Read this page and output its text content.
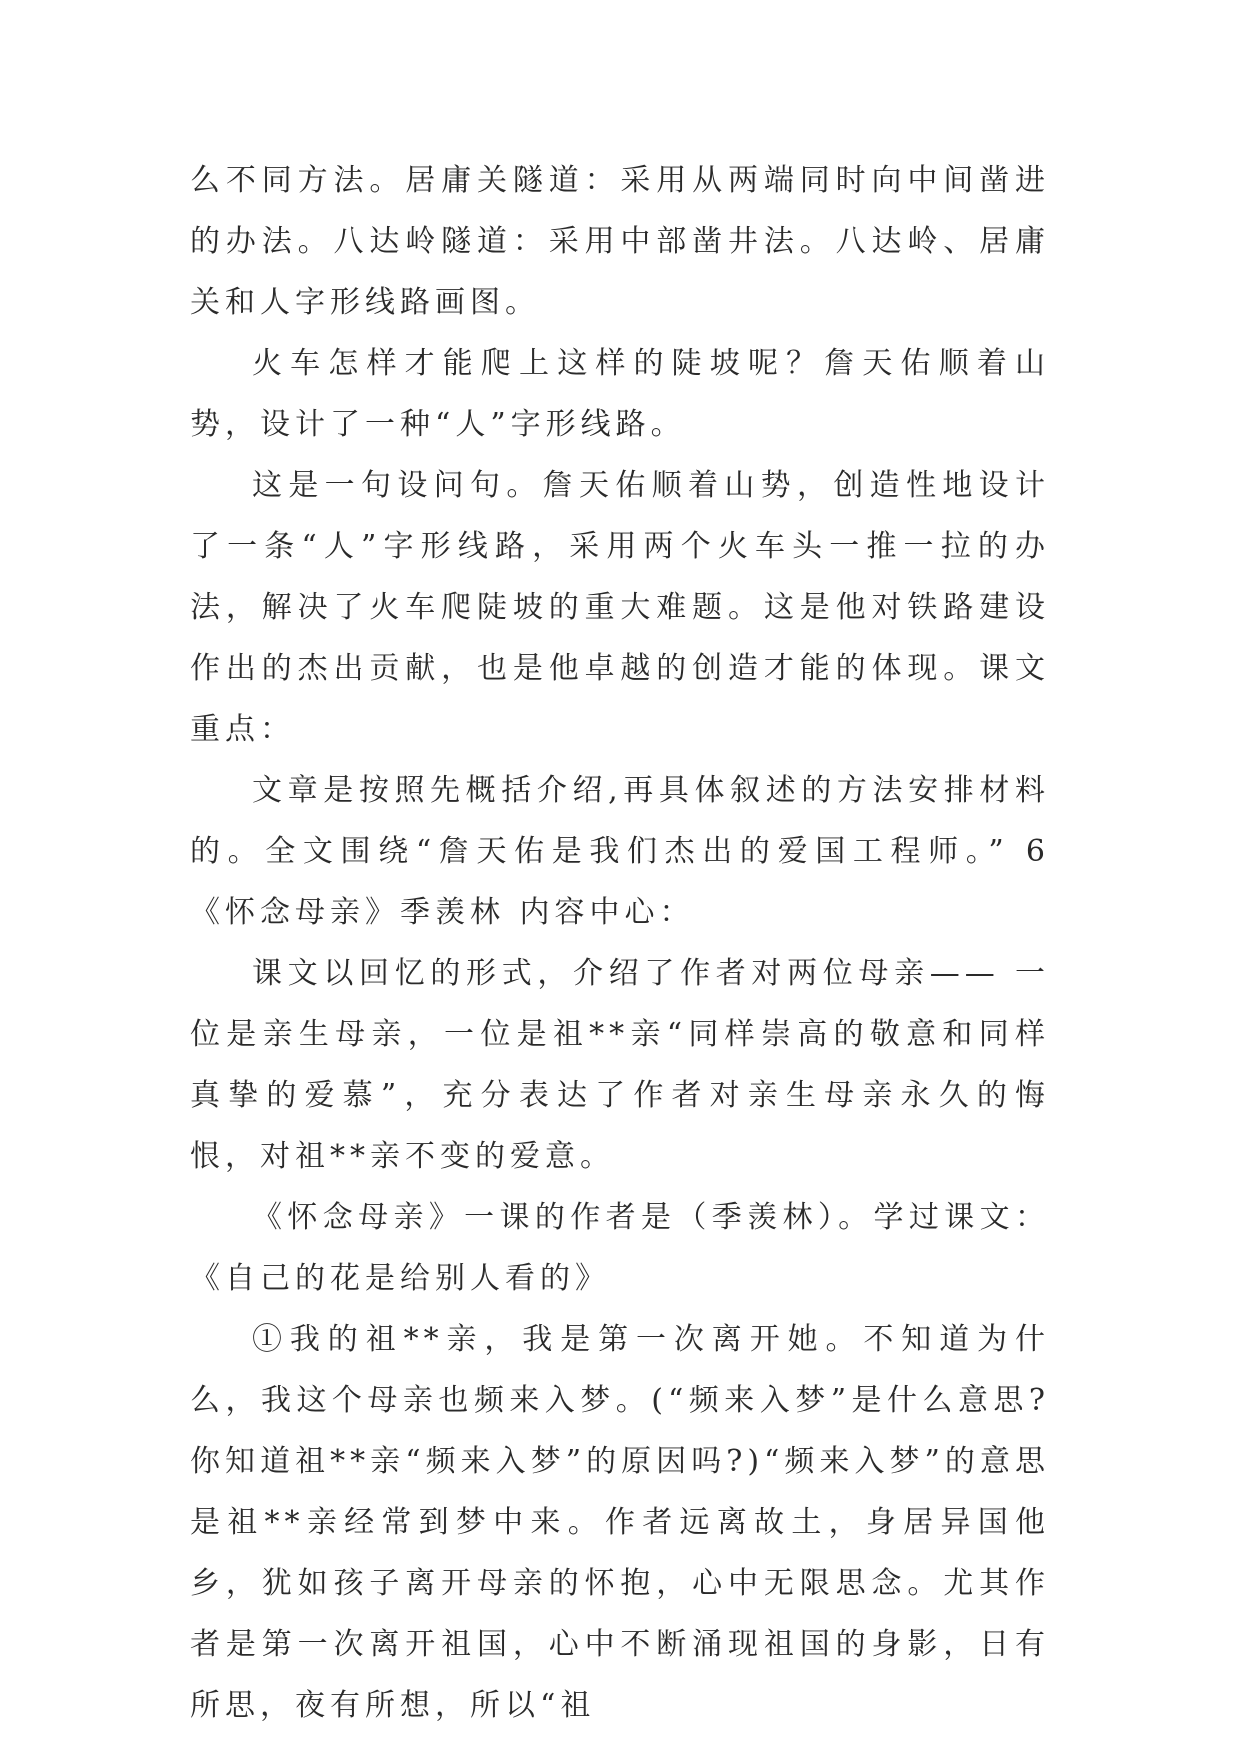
么不同方法。居庸关隧道：采用从两端同时向中间凿进的办法。八达岭隧道：采用中部凿井法。八达岭、居庸关和人字形线路画图。

火车怎样才能爬上这样的陡坡呢？詹天佑顺着山势，设计了一种“人”字形线路。

这是一句设问句。詹天佑顺着山势，创造性地设计了一条“人”字形线路，采用两个火车头一推一拉的办法，解决了火车爬陡坡的重大难题。这是他对铁路建设作出的杰出贡献，也是他卓越的创造才能的体现。课文重点：

文章是按照先概括介绍,再具体叙述的方法安排材料的。全文围绕“詹天佑是我们杰出的爱国工程师。” 6《怀念母亲》季羡林 内容中心：

课文以回忆的形式，介绍了作者对两位母亲—— 一位是亲生母亲，一位是祖**亲“同样崇高的敬意和同样真挚的爱慕”，充分表达了作者对亲生母亲永久的悔恨，对祖**亲不变的爱意。

《怀念母亲》一课的作者是（季羡林）。学过课文：《自己的花是给别人看的》

①我的祖**亲，我是第一次离开她。不知道为什么，我这个母亲也频来入梦。(“频来入梦”是什么意思?你知道祖**亲“频来入梦”的原因吗?)“频来入梦”的意思是祖**亲经常到梦中来。作者远离故土，身居异国他乡，犹如孩子离开母亲的怀抱，心中无限思念。尤其作者是第一次离开祖国，心中不断涌现祖国的身影，日有所思，夜有所想，所以“祖
